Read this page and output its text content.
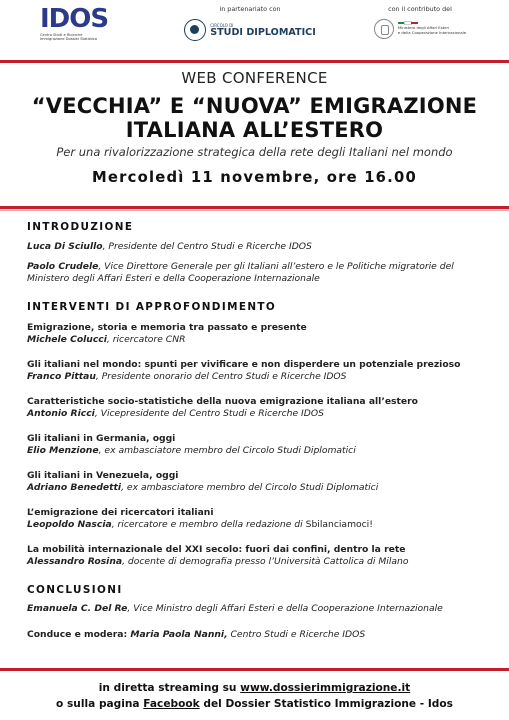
IDOS
Centro Studi e Ricerche Immigrazione Dossier Statistico
in partenariato con
CIRCOLO DI
STUDI DIPLOMATICI
con il contributo del
Ministero degli Affari Esteri
e della Cooperazione Internazionale
WEB CONFERENCE
“VECCHIA” E “NUOVA” EMIGRAZIONE
ITALIANA ALL’ESTERO
Per una rivalorizzazione strategica della rete degli Italiani nel mondo
Mercoledì 11 novembre, ore 16.00
INTRODUZIONE
Luca Di Sciullo, Presidente del Centro Studi e Ricerche IDOS
Paolo Crudele, Vice Direttore Generale per gli Italiani all’estero e le Politiche migratorie del Ministero degli Affari Esteri e della Cooperazione Internazionale
INTERVENTI DI APPROFONDIMENTO
Emigrazione, storia e memoria tra passato e presente
Michele Colucci, ricercatore CNR
Gli italiani nel mondo: spunti per vivificare e non disperdere un potenziale prezioso
Franco Pittau, Presidente onorario del Centro Studi e Ricerche IDOS
Caratteristiche socio-statistiche della nuova emigrazione italiana all’estero
Antonio Ricci, Vicepresidente del Centro Studi e Ricerche IDOS
Gli italiani in Germania, oggi
Elio Menzione, ex ambasciatore membro del Circolo Studi Diplomatici
Gli italiani in Venezuela, oggi
Adriano Benedetti, ex ambasciatore membro del Circolo Studi Diplomatici
L’emigrazione dei ricercatori italiani
Leopoldo Nascia, ricercatore e membro della redazione di Sbilanciamoci!
La mobilità internazionale del XXI secolo: fuori dai confini, dentro la rete
Alessandro Rosina, docente di demografia presso l’Università Cattolica di Milano
CONCLUSIONI
Emanuela C. Del Re, Vice Ministro degli Affari Esteri e della Cooperazione Internazionale
Conduce e modera: Maria Paola Nanni, Centro Studi e Ricerche IDOS
in diretta streaming su www.dossierimmigrazione.it
o sulla pagina Facebook del Dossier Statistico Immigrazione - Idos
